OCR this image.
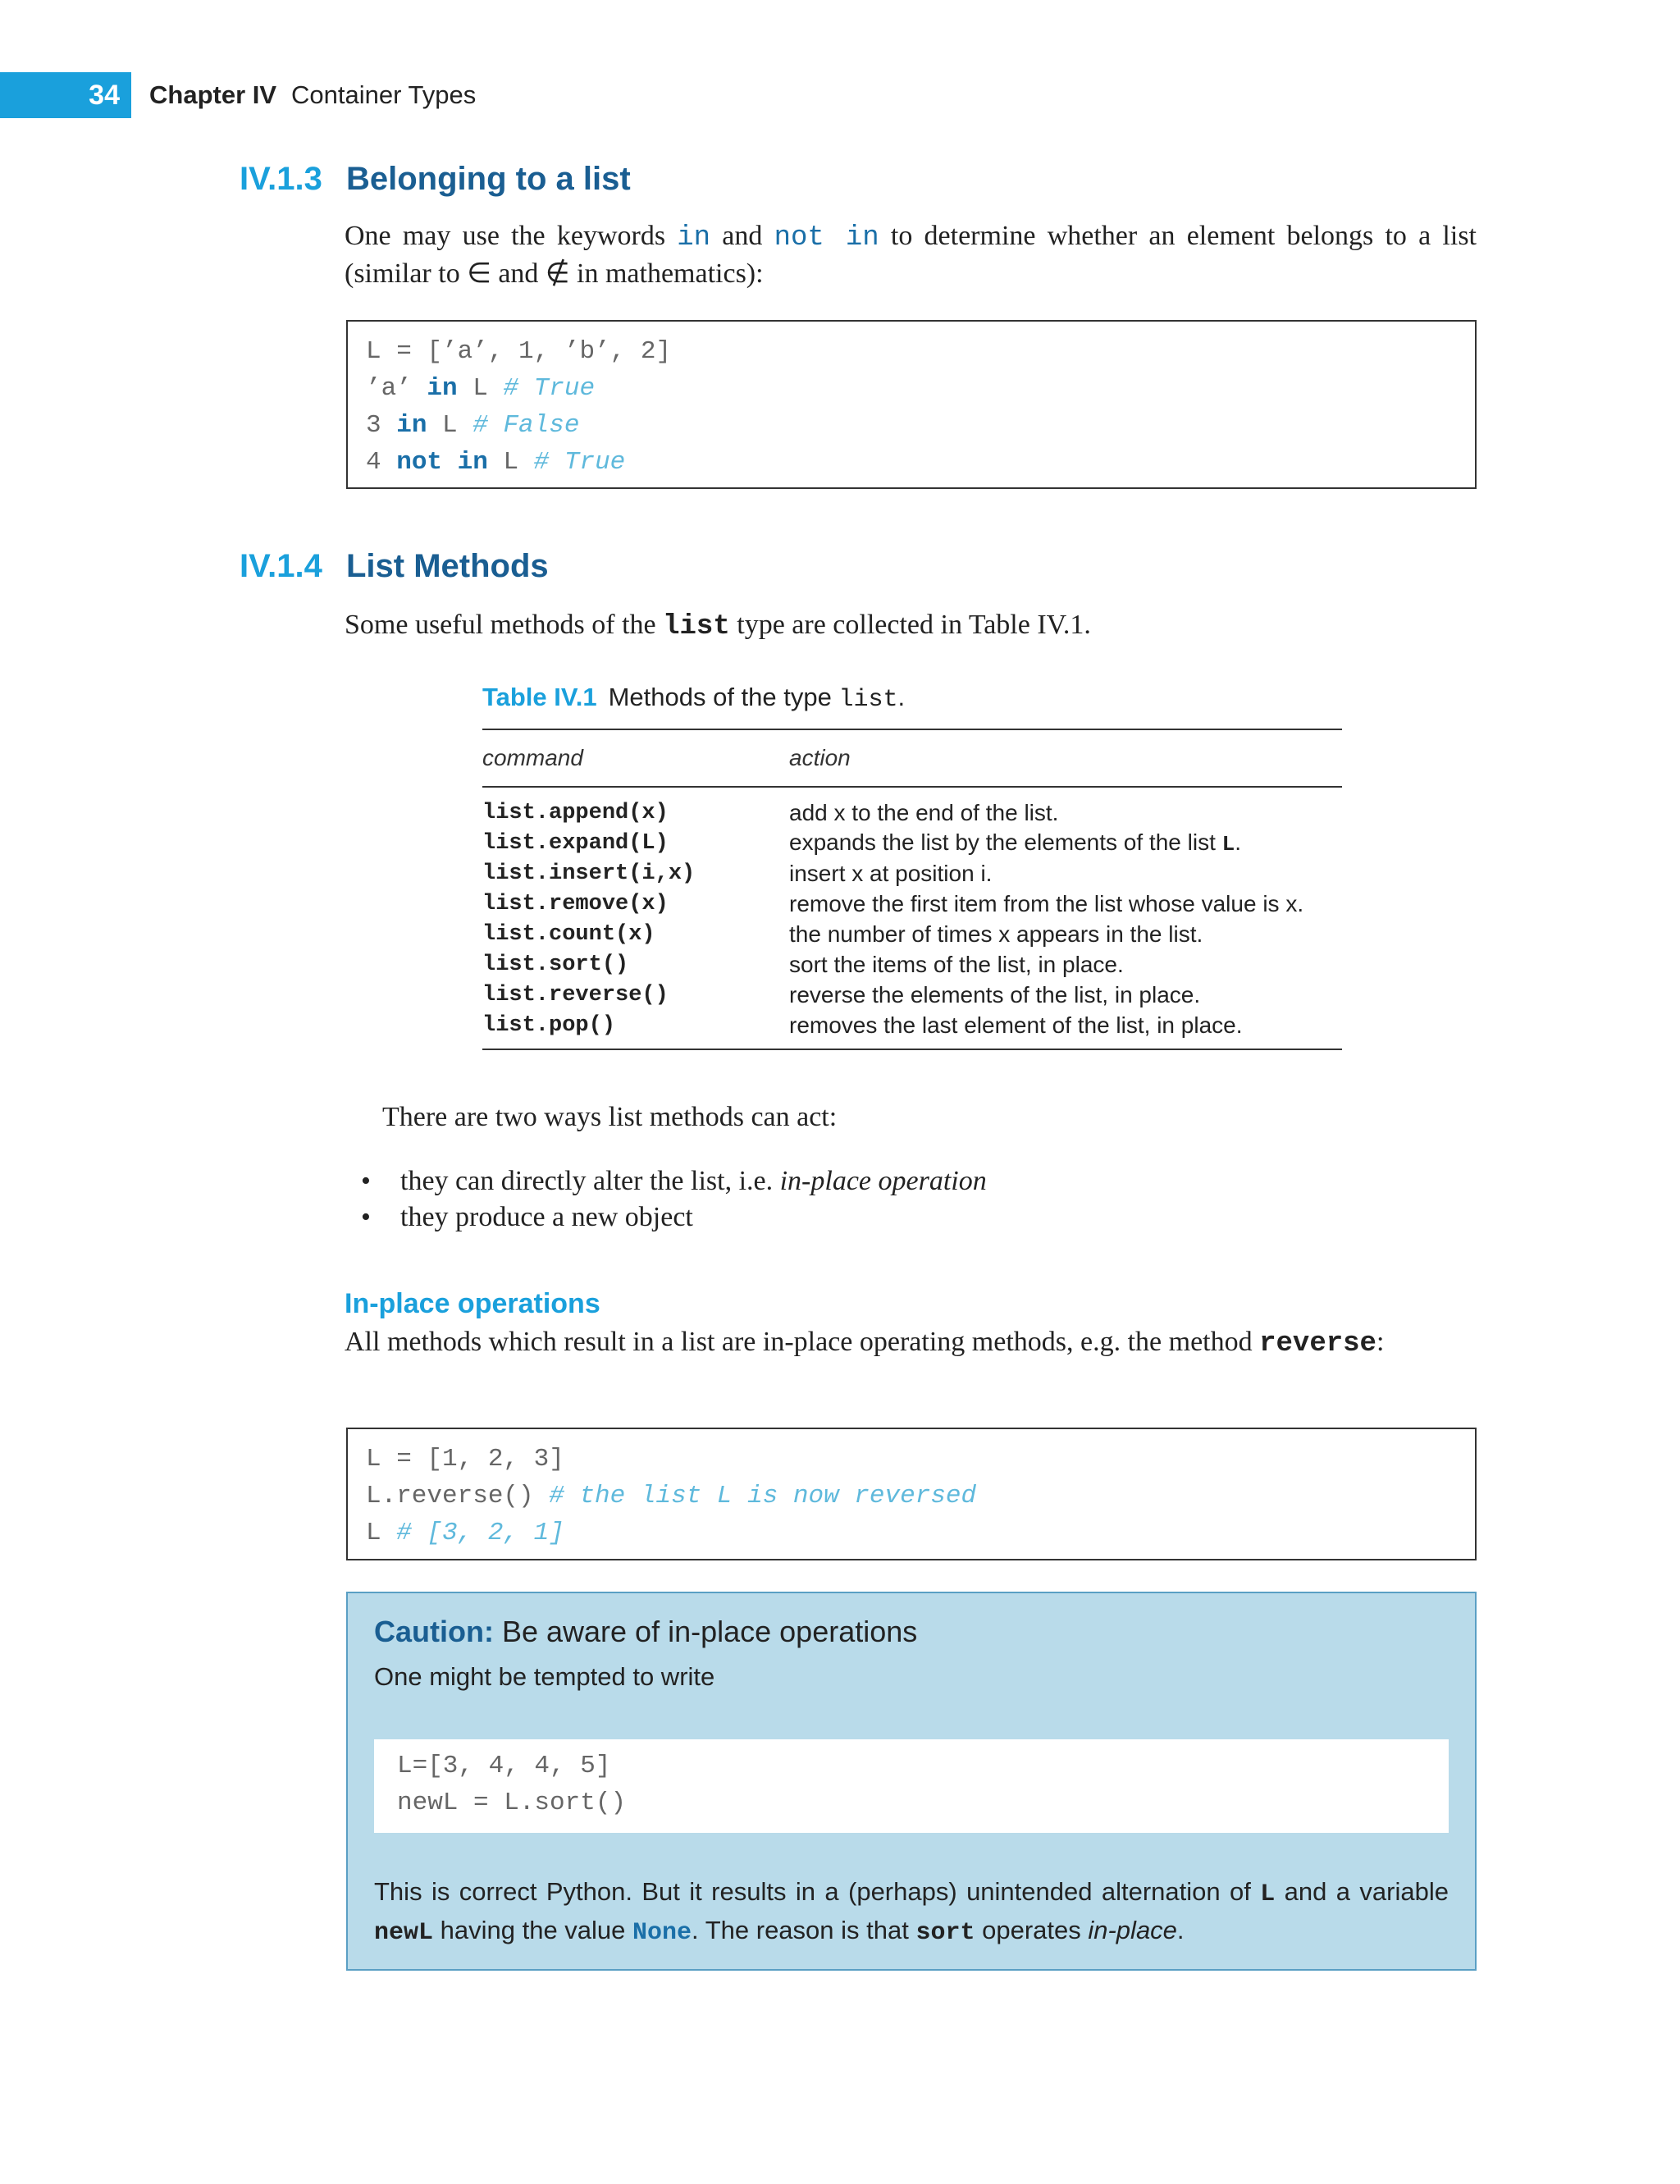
34	Chapter IV Container Types
IV.1.3 Belonging to a list
One may use the keywords in and not in to determine whether an element belongs to a list (similar to ∈ and ∉ in mathematics):
L = [’a’, 1, ’b’, 2]
’a’ in L # True
3 in L # False
4 not in L # True
IV.1.4 List Methods
Some useful methods of the list type are collected in Table IV.1.
Table IV.1 Methods of the type list.
command	action
list.append(x)	add x to the end of the list.
list.expand(L)	expands the list by the elements of the list L.
list.insert(i,x)	insert x at position i.
list.remove(x)	remove the first item from the list whose value is x.
list.count(x)	the number of times x appears in the list.
list.sort()	sort the items of the list, in place.
list.reverse()	reverse the elements of the list, in place.
list.pop()	removes the last element of the list, in place.
There are two ways list methods can act:
•	they can directly alter the list, i.e. in-place operation
•	they produce a new object
In-place operations
All methods which result in a list are in-place operating methods, e.g. the method reverse:
L = [1, 2, 3]
L.reverse() # the list L is now reversed
L # [3, 2, 1]
Caution: Be aware of in-place operations
One might be tempted to write
L=[3, 4, 4, 5]
newL = L.sort()
This is correct Python. But it results in a (perhaps) unintended alternation of L and a variable newL having the value None. The reason is that sort operates in-place.
